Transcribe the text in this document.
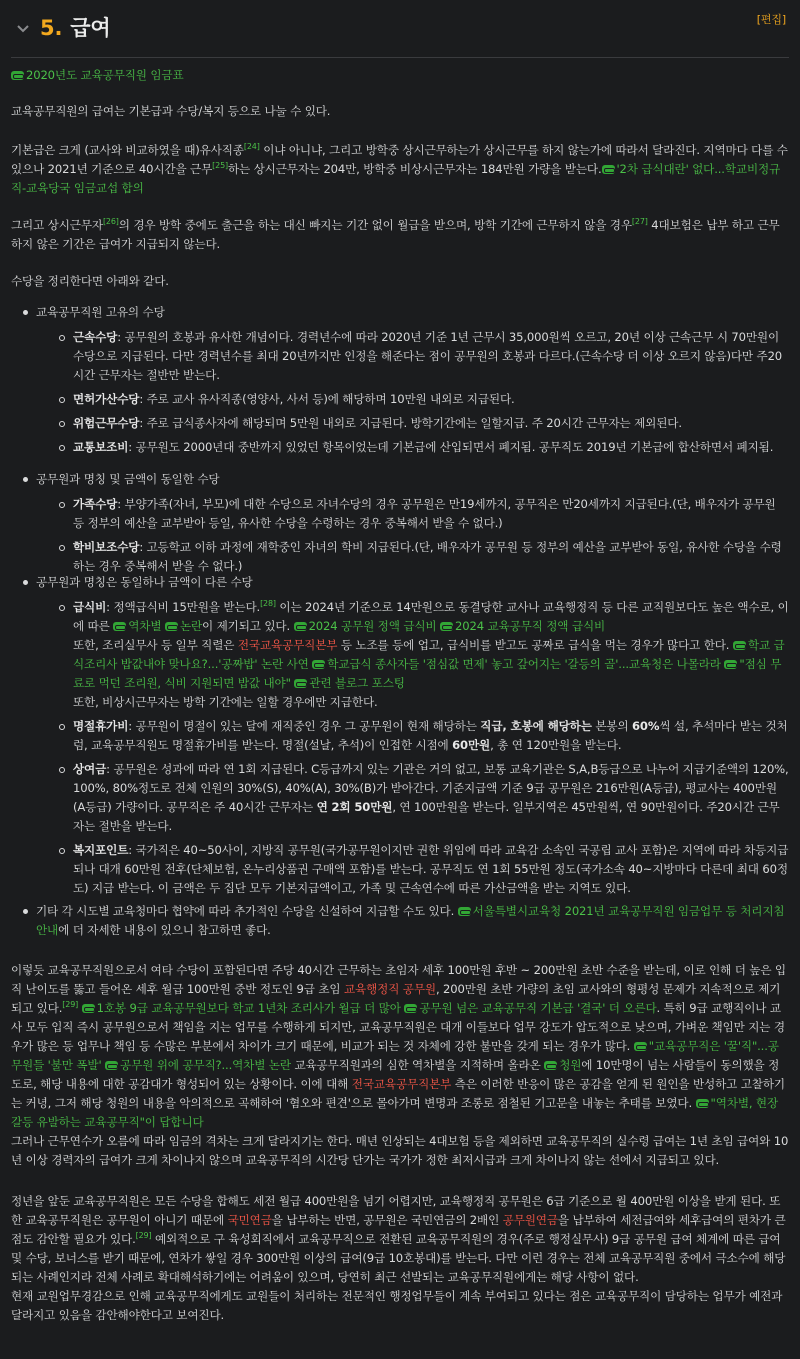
5. 급여	[편집]

2020년도 교육공무직원 임금표

교육공무직원의 급여는 기본급과 수당/복지 등으로 나눌 수 있다.

기본급은 크게 (교사와 비교하였을 때)유사직종[24] 이냐 아니냐, 그리고 방학중 상시근무하는가 상시근무를 하지 않는가에 따라서 달라진다. 지역마다 다를 수 있으나 2021년 기준으로 40시간을 근무[25]하는 상시근무자는 204만, 방학중 비상시근무자는 184만원 가량을 받는다. '2차 급식대란' 없다...학교비정규직-교육당국 임금교섭 합의

그리고 상시근무자[26]의 경우 방학 중에도 출근을 하는 대신 빠지는 기간 없이 월급을 받으며, 방학 기간에 근무하지 않을 경우[27] 4대보험은 납부 하고 근무하지 않은 기간은 급여가 지급되지 않는다.

수당을 정리한다면 아래와 같다.

교육공무직원 고유의 수당
근속수당: 공무원의 호봉과 유사한 개념이다. 경력년수에 따라 2020년 기준 1년 근무시 35,000원씩 오르고, 20년 이상 근속근무 시 70만원이 수당으로 지급된다. 다만 경력년수를 최대 20년까지만 인정을 해준다는 점이 공무원의 호봉과 다르다.(근속수당 더 이상 오르지 않음)다만 주20시간 근무자는 절반만 받는다.
면허가산수당: 주로 교사 유사직종(영양사, 사서 등)에 해당하며 10만원 내외로 지급된다.
위험근무수당: 주로 급식종사자에 해당되며 5만원 내외로 지급된다. 방학기간에는 일할지급. 주 20시간 근무자는 제외된다.
교통보조비: 공무원도 2000년대 중반까지 있었던 항목이었는데 기본급에 산입되면서 폐지됨. 공무직도 2019년 기본급에 합산하면서 폐지됨.
공무원과 명칭 및 금액이 동일한 수당
가족수당: 부양가족(자녀, 부모)에 대한 수당으로 자녀수당의 경우 공무원은 만19세까지, 공무직은 만20세까지 지급된다.(단, 배우자가 공무원 등 정부의 예산을 교부받아 등일, 유사한 수당을 수령하는 경우 중복해서 받을 수 없다.)
학비보조수당: 고등학교 이하 과정에 재학중인 자녀의 학비 지급된다.(단, 배우자가 공무원 등 정부의 예산을 교부받아 동일, 유사한 수당을 수령하는 경우 중복해서 받을 수 없다.)
공무원과 명칭은 동일하나 금액이 다른 수당
급식비: 정액급식비 15만원을 받는다.[28] 이는 2024년 기준으로 14만원으로 동결당한 교사나 교육행정직 등 다른 교직원보다도 높은 액수로, 이에 따른 역차별 논란이 제기되고 있다. 2024 공무원 정액 급식비 2024 교육공무직 정액 급식비
또한, 조리실무사 등 일부 직렬은 전국교육공무직본부 등 노조를 등에 업고, 급식비를 받고도 공짜로 급식을 먹는 경우가 많다고 한다. 학교 급식조리사 밥값내야 맞나요?...'공짜밥' 논란 사연 학교급식 종사자들 '점심값 면제' 놓고 갚어지는 '갈등의 골'...교육청은 나몰라라 "점심 무료로 먹던 조리원, 식비 지원되면 밥값 내야" 관련 블로그 포스팅
또한, 비상시근무자는 방학 기간에는 일할 경우에만 지급한다.
명절휴가비: 공무원이 명절이 있는 달에 재직중인 경우 그 공무원이 현재 해당하는 직급, 호봉에 해당하는 본봉의 60%씩 설, 추석마다 받는 것처럼, 교육공무직원도 명절휴가비를 받는다. 명절(설날, 추석)이 인접한 시점에 60만원, 총 연 120만원을 받는다.
상여금: 공무원은 성과에 따라 연 1회 지급된다. C등급까지 있는 기관은 거의 없고, 보통 교육기관은 S,A,B등급으로 나누어 지급기준액의 120%, 100%, 80%정도로 전체 인원의 30%(S), 40%(A), 30%(B)가 받아간다. 기준지급액 기준 9급 공무원은 216만원(A등급), 평교사는 400만원(A등급) 가량이다. 공무직은 주 40시간 근무자는 연 2회 50만원, 연 100만원을 받는다. 일부지역은 45만원씩, 연 90만원이다. 주20시간 근무자는 절반을 받는다.
복지포인트: 국가직은 40~50사이, 지방직 공무원(국가공무원이지만 권한 위임에 따라 교육감 소속인 국공립 교사 포함)은 지역에 따라 차등지급되나 대개 60만원 전후(단체보험, 온누리상품권 구매액 포함)를 받는다. 공무직도 연 1회 55만원 정도(국가소속 40~지방마다 다른데 최대 60정도) 지급 받는다. 이 금액은 두 집단 모두 기본지급액이고, 가족 및 근속연수에 따른 가산금액을 받는 지역도 있다.
기타 각 시도별 교육청마다 협약에 따라 추가적인 수당을 신설하여 지급할 수도 있다. 서울특별시교육청 2021년 교육공무직원 임금업무 등 처리지침 안내에 더 자세한 내용이 있으니 참고하면 좋다.

이렇듯 교육공무직원으로서 여타 수당이 포함된다면 주당 40시간 근무하는 초임자 세후 100만원 후반 ~ 200만원 초반 수준을 받는데, 이로 인해 더 높은 입직 난이도를 뚫고 들어온 세후 월급 100만원 중반 정도인 9급 초임 교육행정직 공무원, 200만원 초반 가량의 초임 교사와의 형평성 문제가 지속적으로 제기되고 있다.[29] 1호봉 9급 교육공무원보다 학교 1년차 조리사가 월급 더 많아 공무원 넘은 교육공무직 기본급 '결국' 더 오른다. 특히 9급 교행직이나 교사 모두 입직 즉시 공무원으로서 책임을 지는 업무를 수행하게 되지만, 교육공무직원은 대개 이들보다 업무 강도가 압도적으로 낮으며, 가벼운 책임만 지는 경우가 많은 등 업무나 책임 등 수많은 부분에서 차이가 크기 때문에, 비교가 되는 것 자체에 강한 불만을 갖게 되는 경우가 많다. "교육공무직은 '꿀'직"...공무원들 '불만 폭발' 공무원 위에 공무직?...역차별 논란 교육공무직원과의 심한 역차별을 지적하며 올라온 청원에 10만명이 넘는 사람들이 동의했을 정도로, 해당 내용에 대한 공감대가 형성되어 있는 상황이다. 이에 대해 전국교육공무직본부 측은 이러한 반응이 많은 공감을 얻게 된 원인을 반성하고 고찰하기는 커녕, 그저 해당 청원의 내용을 악의적으로 곡해하여 '혐오와 편견'으로 몰아가며 변명과 조롱로 점철된 기고문을 내놓는 추태를 보였다. "역차별, 현장 갈등 유발하는 교육공무직"이 답합니다
그러나 근무연수가 오름에 따라 임금의 격차는 크게 달라지기는 한다. 매년 인상되는 4대보험 등을 제외하면 교육공무직의 실수령 급여는 1년 초임 급여와 10년 이상 경력자의 급여가 크게 차이나지 않으며 교육공무직의 시간당 단가는 국가가 정한 최저시급과 크게 차이나지 않는 선에서 지급되고 있다.

정년을 앞둔 교육공무직원은 모든 수당을 합해도 세전 월급 400만원을 넘기 어렵지만, 교육행정직 공무원은 6급 기준으로 월 400만원 이상을 받게 된다. 또한 교육공무직원은 공무원이 아니기 때문에 국민연금을 납부하는 반면, 공무원은 국민연금의 2배인 공무원연금을 납부하여 세전급여와 세후급여의 편차가 큰 점도 감안할 필요가 있다.[29] 예외적으로 구 육성회직에서 교육공무직으로 전환된 교육공무직원의 경우(주로 행정실무사) 9급 공무원 급여 체계에 따른 급여 및 수당, 보너스를 받기 때문에, 연차가 쌓일 경우 300만원 이상의 급여(9급 10호봉대)를 받는다. 다만 이런 경우는 전체 교육공무직원 중에서 극소수에 해당되는 사례인지라 전체 사례로 확대해석하기에는 어려움이 있으며, 당연히 최근 선발되는 교육공무직원에게는 해당 사항이 없다.
현재 교원업무경감으로 인해 교육공무직에게도 교원들이 처리하는 전문적인 행정업무들이 계속 부여되고 있다는 점은 교육공무직이 담당하는 업무가 예전과 달라지고 있음을 감안해야한다고 보여진다.
